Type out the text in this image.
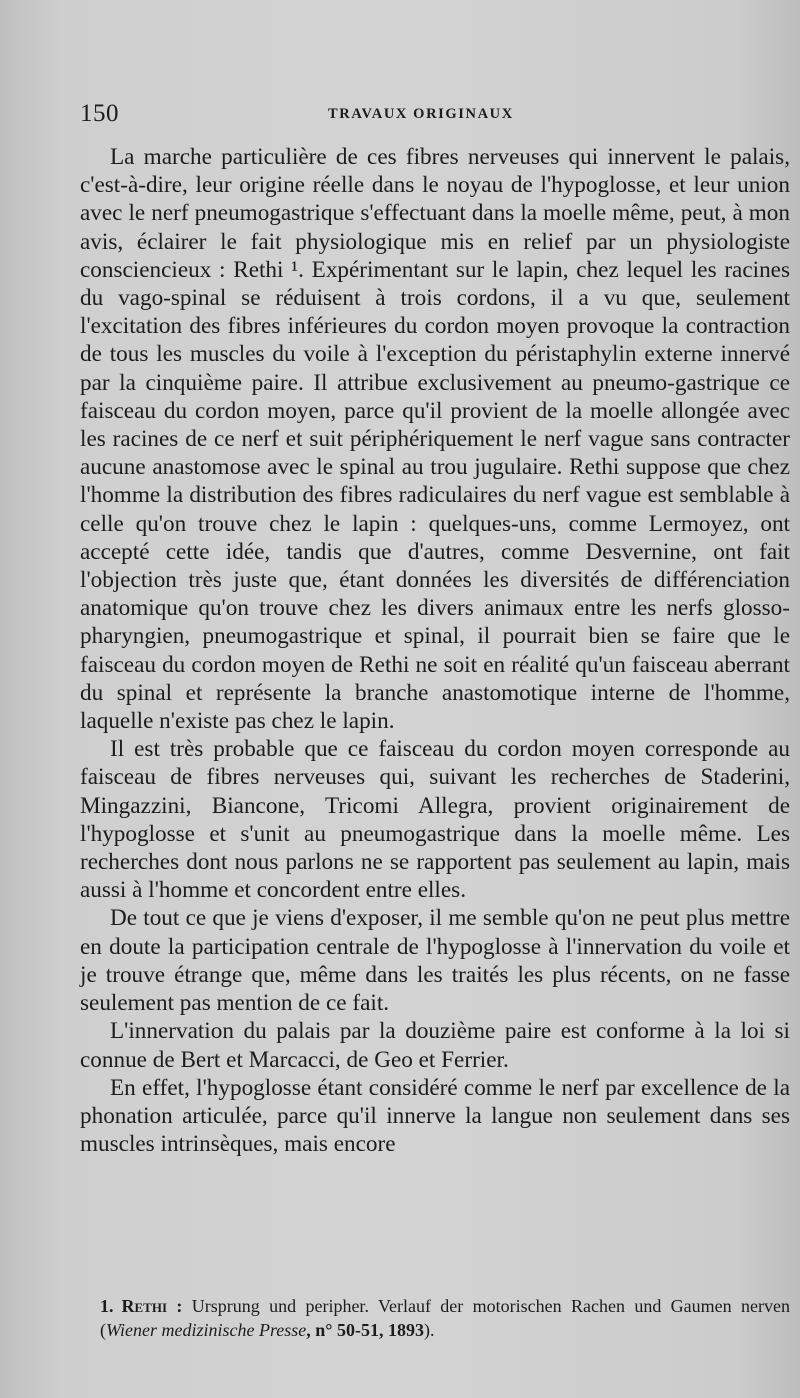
150	TRAVAUX ORIGINAUX

La marche particulière de ces fibres nerveuses qui innervent le palais, c'est-à-dire, leur origine réelle dans le noyau de l'hypoglosse, et leur union avec le nerf pneumogastrique s'effectuant dans la moelle même, peut, à mon avis, éclairer le fait physiologique mis en relief par un physiologiste consciencieux : Rethi ¹. Expérimentant sur le lapin, chez lequel les racines du vago-spinal se réduisent à trois cordons, il a vu que, seulement l'excitation des fibres inférieures du cordon moyen provoque la contraction de tous les muscles du voile à l'exception du péristaphylin externe innervé par la cinquième paire. Il attribue exclusivement au pneumo-gastrique ce faisceau du cordon moyen, parce qu'il provient de la moelle allongée avec les racines de ce nerf et suit périphériquement le nerf vague sans contracter aucune anastomose avec le spinal au trou jugulaire. Rethi suppose que chez l'homme la distribution des fibres radiculaires du nerf vague est semblable à celle qu'on trouve chez le lapin : quelques-uns, comme Lermoyez, ont accepté cette idée, tandis que d'autres, comme Desvernine, ont fait l'objection très juste que, étant données les diversités de différenciation anatomique qu'on trouve chez les divers animaux entre les nerfs glosso-pharyngien, pneumogastrique et spinal, il pourrait bien se faire que le faisceau du cordon moyen de Rethi ne soit en réalité qu'un faisceau aberrant du spinal et représente la branche anastomotique interne de l'homme, laquelle n'existe pas chez le lapin.

Il est très probable que ce faisceau du cordon moyen corresponde au faisceau de fibres nerveuses qui, suivant les recherches de Staderini, Mingazzini, Biancone, Tricomi Allegra, provient originairement de l'hypoglosse et s'unit au pneumogastrique dans la moelle même. Les recherches dont nous parlons ne se rapportent pas seulement au lapin, mais aussi à l'homme et concordent entre elles.

De tout ce que je viens d'exposer, il me semble qu'on ne peut plus mettre en doute la participation centrale de l'hypoglosse à l'innervation du voile et je trouve étrange que, même dans les traités les plus récents, on ne fasse seulement pas mention de ce fait.

L'innervation du palais par la douzième paire est conforme à la loi si connue de Bert et Marcacci, de Geo et Ferrier.

En effet, l'hypoglosse étant considéré comme le nerf par excellence de la phonation articulée, parce qu'il innerve la langue non seulement dans ses muscles intrinsèques, mais encore

1. Rethi : Ursprung und peripher. Verlauf der motorischen Rachen und Gaumen nerven (Wiener medizinische Presse, n° 50-51, 1893).
